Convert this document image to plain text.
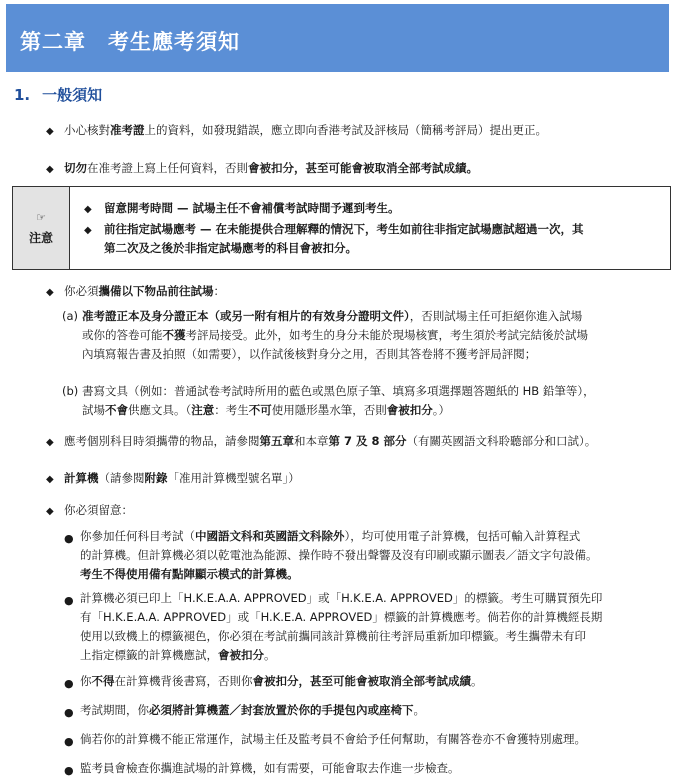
第二章　考生應考須知
1. 一般須知
◆ 小心核對准考證上的資料，如發現錯誤，應立即向香港考試及評核局（簡稱考評局）提出更正。
◆ 切勿在准考證上寫上任何資料，否則會被扣分，甚至可能會被取消全部考試成績。
☞
注意
◆ 留意開考時間 — 試場主任不會補償考試時間予遲到考生。
◆ 前往指定試場應考 — 在未能提供合理解釋的情況下，考生如前往非指定試場應試超過一次，其
第二次及之後於非指定試場應考的科目會被扣分。
◆ 你必須攜備以下物品前往試場：
(a) 准考證正本及身分證正本（或另一附有相片的有效身分證明文件），否則試場主任可拒絕你進入試場
或你的答卷可能不獲考評局接受。此外，如考生的身分未能於現場核實，考生須於考試完結後於試場
內填寫報告書及拍照（如需要），以作試後核對身分之用，否則其答卷將不獲考評局評閱；
(b) 書寫文具（例如：普通試卷考試時所用的藍色或黑色原子筆、填寫多項選擇題答題紙的 HB 鉛筆等），
試場不會供應文具。（注意：考生不可使用隱形墨水筆，否則會被扣分。）
◆ 應考個別科目時須攜帶的物品，請參閱第五章和本章第 7 及 8 部分（有關英國語文科聆聽部分和口試）。
◆ 計算機（請參閱附錄「准用計算機型號名單」）
◆ 你必須留意：
● 你參加任何科目考試（中國語文科和英國語文科除外），均可使用電子計算機，包括可輸入計算程式
的計算機。但計算機必須以乾電池為能源、操作時不發出聲響及沒有印刷或顯示圖表／語文字句設備。
考生不得使用備有點陣顯示模式的計算機。
● 計算機必須已印上「H.K.E.A.A. APPROVED」或「H.K.E.A. APPROVED」的標籤。考生可購買預先印
有「H.K.E.A.A. APPROVED」或「H.K.E.A. APPROVED」標籤的計算機應考。倘若你的計算機經長期
使用以致機上的標籤褪色，你必須在考試前攜同該計算機前往考評局重新加印標籤。考生攜帶未有印
上指定標籤的計算機應試，會被扣分。
● 你不得在計算機背後書寫，否則你會被扣分，甚至可能會被取消全部考試成績。
● 考試期間，你必須將計算機蓋／封套放置於你的手提包內或座椅下。
● 倘若你的計算機不能正常運作，試場主任及監考員不會給予任何幫助，有關答卷亦不會獲特別處理。
● 監考員會檢查你攜進試場的計算機，如有需要，可能會取去作進一步檢查。
